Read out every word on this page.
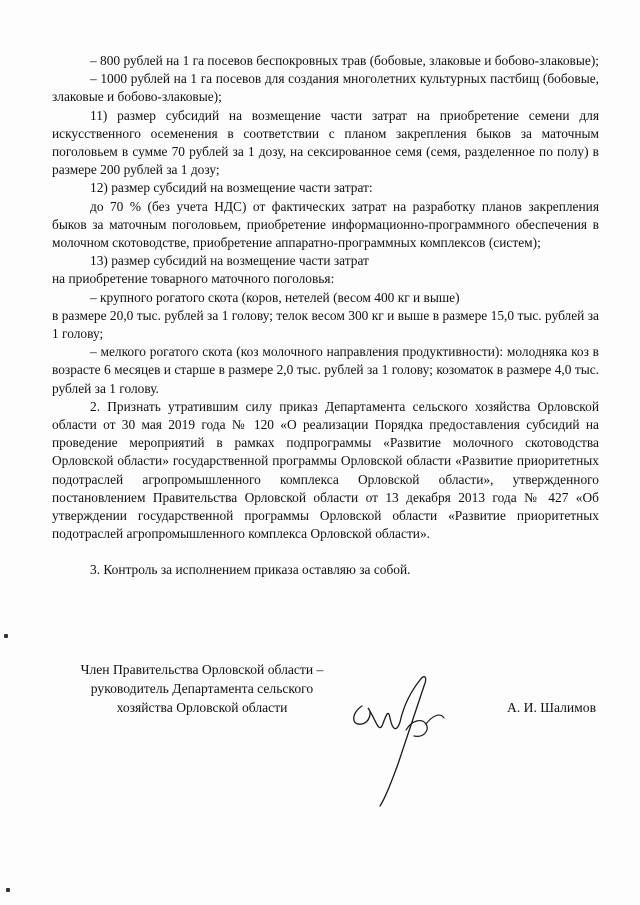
– 800 рублей на 1 га посевов беспокровных трав (бобовые, злаковые и бобово-злаковые);

– 1000 рублей на 1 га посевов для создания многолетних культурных пастбищ (бобовые, злаковые и бобово-злаковые);

11) размер субсидий на возмещение части затрат на приобретение семени для искусственного осеменения в соответствии с планом закрепления быков за маточным поголовьем в сумме 70 рублей за 1 дозу, на сексированное семя (семя, разделенное по полу) в размере 200 рублей за 1 дозу;

12) размер субсидий на возмещение части затрат:

до 70 % (без учета НДС) от фактических затрат на разработку планов закрепления быков за маточным поголовьем, приобретение информационно-программного обеспечения в молочном скотоводстве, приобретение аппаратно-программных комплексов (систем);

13) размер субсидий на возмещение части затрат

на приобретение товарного маточного поголовья:

– крупного рогатого скота (коров, нетелей (весом 400 кг и выше)

в размере 20,0 тыс. рублей за 1 голову; телок весом 300 кг и выше в размере 15,0 тыс. рублей за 1 голову;

– мелкого рогатого скота (коз молочного направления продуктивности): молодняка коз в возрасте 6 месяцев и старше в размере 2,0 тыс. рублей за 1 голову; козоматок в размере 4,0 тыс. рублей за 1 голову.

2. Признать утратившим силу приказ Департамента сельского хозяйства Орловской области от 30 мая 2019 года № 120 «О реализации Порядка предоставления субсидий на проведение мероприятий в рамках подпрограммы «Развитие молочного скотоводства Орловской области» государственной программы Орловской области «Развитие приоритетных подотраслей агропромышленного комплекса Орловской области», утвержденного постановлением Правительства Орловской области от 13 декабря 2013 года № 427 «Об утверждении государственной программы Орловской области «Развитие приоритетных подотраслей агропромышленного комплекса Орловской области».

3. Контроль за исполнением приказа оставляю за собой.

Член Правительства Орловской области –
руководитель Департамента сельского
хозяйства Орловской области	А. И. Шалимов
